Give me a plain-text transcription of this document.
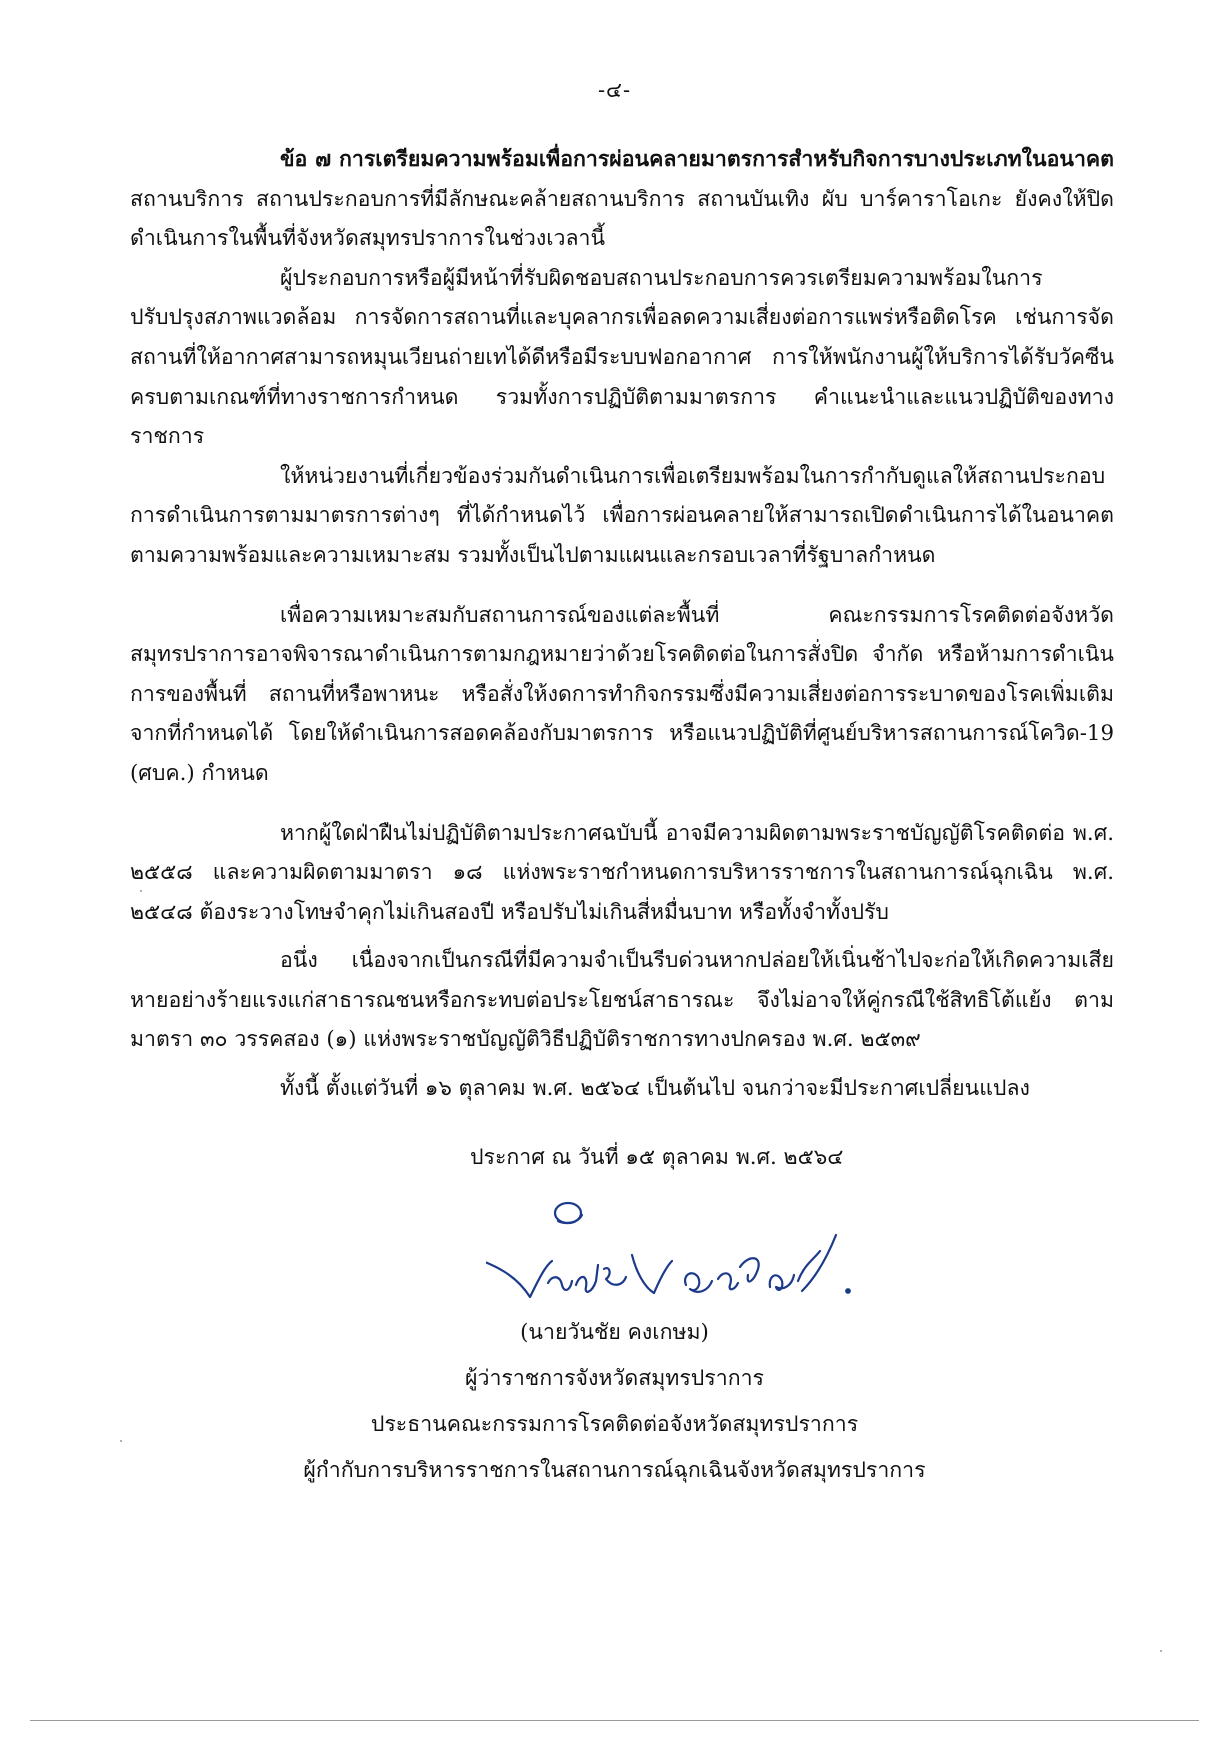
-๔-

ข้อ ๗ การเตรียมความพร้อมเพื่อการผ่อนคลายมาตรการสำหรับกิจการบางประเภทในอนาคต สถานบริการ สถานประกอบการที่มีลักษณะคล้ายสถานบริการ สถานบันเทิง ผับ บาร์คาราโอเกะ ยังคงให้ปิดดำเนินการในพื้นที่จังหวัดสมุทรปราการในช่วงเวลานี้

ผู้ประกอบการหรือผู้มีหน้าที่รับผิดชอบสถานประกอบการควรเตรียมความพร้อมในการปรับปรุงสภาพแวดล้อม การจัดการสถานที่และบุคลากรเพื่อลดความเสี่ยงต่อการแพร่หรือติดโรค เช่นการจัดสถานที่ให้อากาศสามารถหมุนเวียนถ่ายเทได้ดีหรือมีระบบฟอกอากาศ การให้พนักงานผู้ให้บริการได้รับวัคซีนครบตามเกณฑ์ที่ทางราชการกำหนด รวมทั้งการปฏิบัติตามมาตรการ คำแนะนำและแนวปฏิบัติของทางราชการ

ให้หน่วยงานที่เกี่ยวข้องร่วมกันดำเนินการเพื่อเตรียมพร้อมในการกำกับดูแลให้สถานประกอบการดำเนินการตามมาตรการต่างๆ ที่ได้กำหนดไว้ เพื่อการผ่อนคลายให้สามารถเปิดดำเนินการได้ในอนาคตตามความพร้อมและความเหมาะสม รวมทั้งเป็นไปตามแผนและกรอบเวลาที่รัฐบาลกำหนด

เพื่อความเหมาะสมกับสถานการณ์ของแต่ละพื้นที่ คณะกรรมการโรคติดต่อจังหวัดสมุทรปราการอาจพิจารณาดำเนินการตามกฎหมายว่าด้วยโรคติดต่อในการสั่งปิด จำกัด หรือห้ามการดำเนินการของพื้นที่ สถานที่หรือพาหนะ หรือสั่งให้งดการทำกิจกรรมซึ่งมีความเสี่ยงต่อการระบาดของโรคเพิ่มเติมจากที่กำหนดได้ โดยให้ดำเนินการสอดคล้องกับมาตรการ หรือแนวปฏิบัติที่ศูนย์บริหารสถานการณ์โควิด-19 (ศบค.) กำหนด

หากผู้ใดฝ่าฝืนไม่ปฏิบัติตามประกาศฉบับนี้ อาจมีความผิดตามพระราชบัญญัติโรคติดต่อ พ.ศ. ๒๕๕๘ และความผิดตามมาตรา ๑๘ แห่งพระราชกำหนดการบริหารราชการในสถานการณ์ฉุกเฉิน พ.ศ. ๒๕๔๘ ต้องระวางโทษจำคุกไม่เกินสองปี หรือปรับไม่เกินสี่หมื่นบาท หรือทั้งจำทั้งปรับ

อนึ่ง เนื่องจากเป็นกรณีที่มีความจำเป็นรีบด่วนหากปล่อยให้เนิ่นช้าไปจะก่อให้เกิดความเสียหายอย่างร้ายแรงแก่สาธารณชนหรือกระทบต่อประโยชน์สาธารณะ จึงไม่อาจให้คู่กรณีใช้สิทธิโต้แย้ง ตามมาตรา ๓๐ วรรคสอง (๑) แห่งพระราชบัญญัติวิธีปฏิบัติราชการทางปกครอง พ.ศ. ๒๕๓๙

ทั้งนี้ ตั้งแต่วันที่ ๑๖ ตุลาคม พ.ศ. ๒๕๖๔ เป็นต้นไป จนกว่าจะมีประกาศเปลี่ยนแปลง

ประกาศ ณ วันที่ ๑๕ ตุลาคม พ.ศ. ๒๕๖๔
(นายวันชัย คงเกษม)
ผู้ว่าราชการจังหวัดสมุทรปราการ
ประธานคณะกรรมการโรคติดต่อจังหวัดสมุทรปราการ
ผู้กำกับการบริหารราชการในสถานการณ์ฉุกเฉินจังหวัดสมุทรปราการ
